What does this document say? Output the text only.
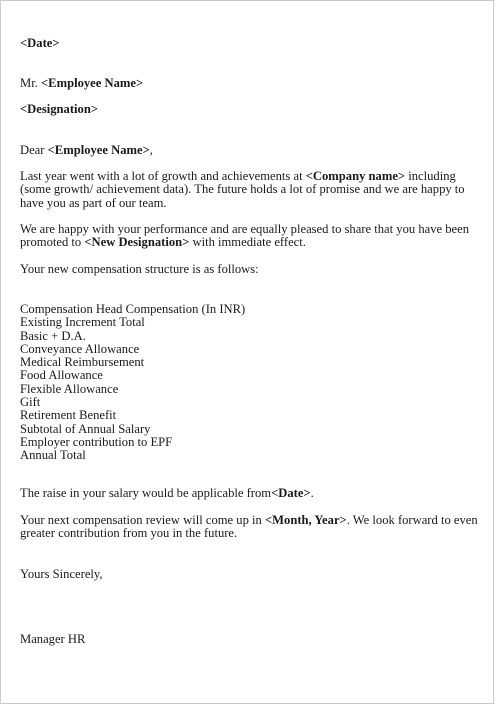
<Date>

Mr. <Employee Name>

<Designation>

Dear <Employee Name>,

Last year went with a lot of growth and achievements at <Company name> including (some growth/ achievement data). The future holds a lot of promise and we are happy to have you as part of our team.

We are happy with your performance and are equally pleased to share that you have been promoted to <New Designation> with immediate effect.

Your new compensation structure is as follows:

Compensation Head Compensation (In INR)

Existing Increment Total

Basic + D.A.

Conveyance Allowance

Medical Reimbursement

Food Allowance

Flexible Allowance

Gift

Retirement Benefit

Subtotal of Annual Salary

Employer contribution to EPF

Annual Total

The raise in your salary would be applicable from<Date>.

Your next compensation review will come up in <Month, Year>. We look forward to even greater contribution from you in the future.

Yours Sincerely,

Manager HR
